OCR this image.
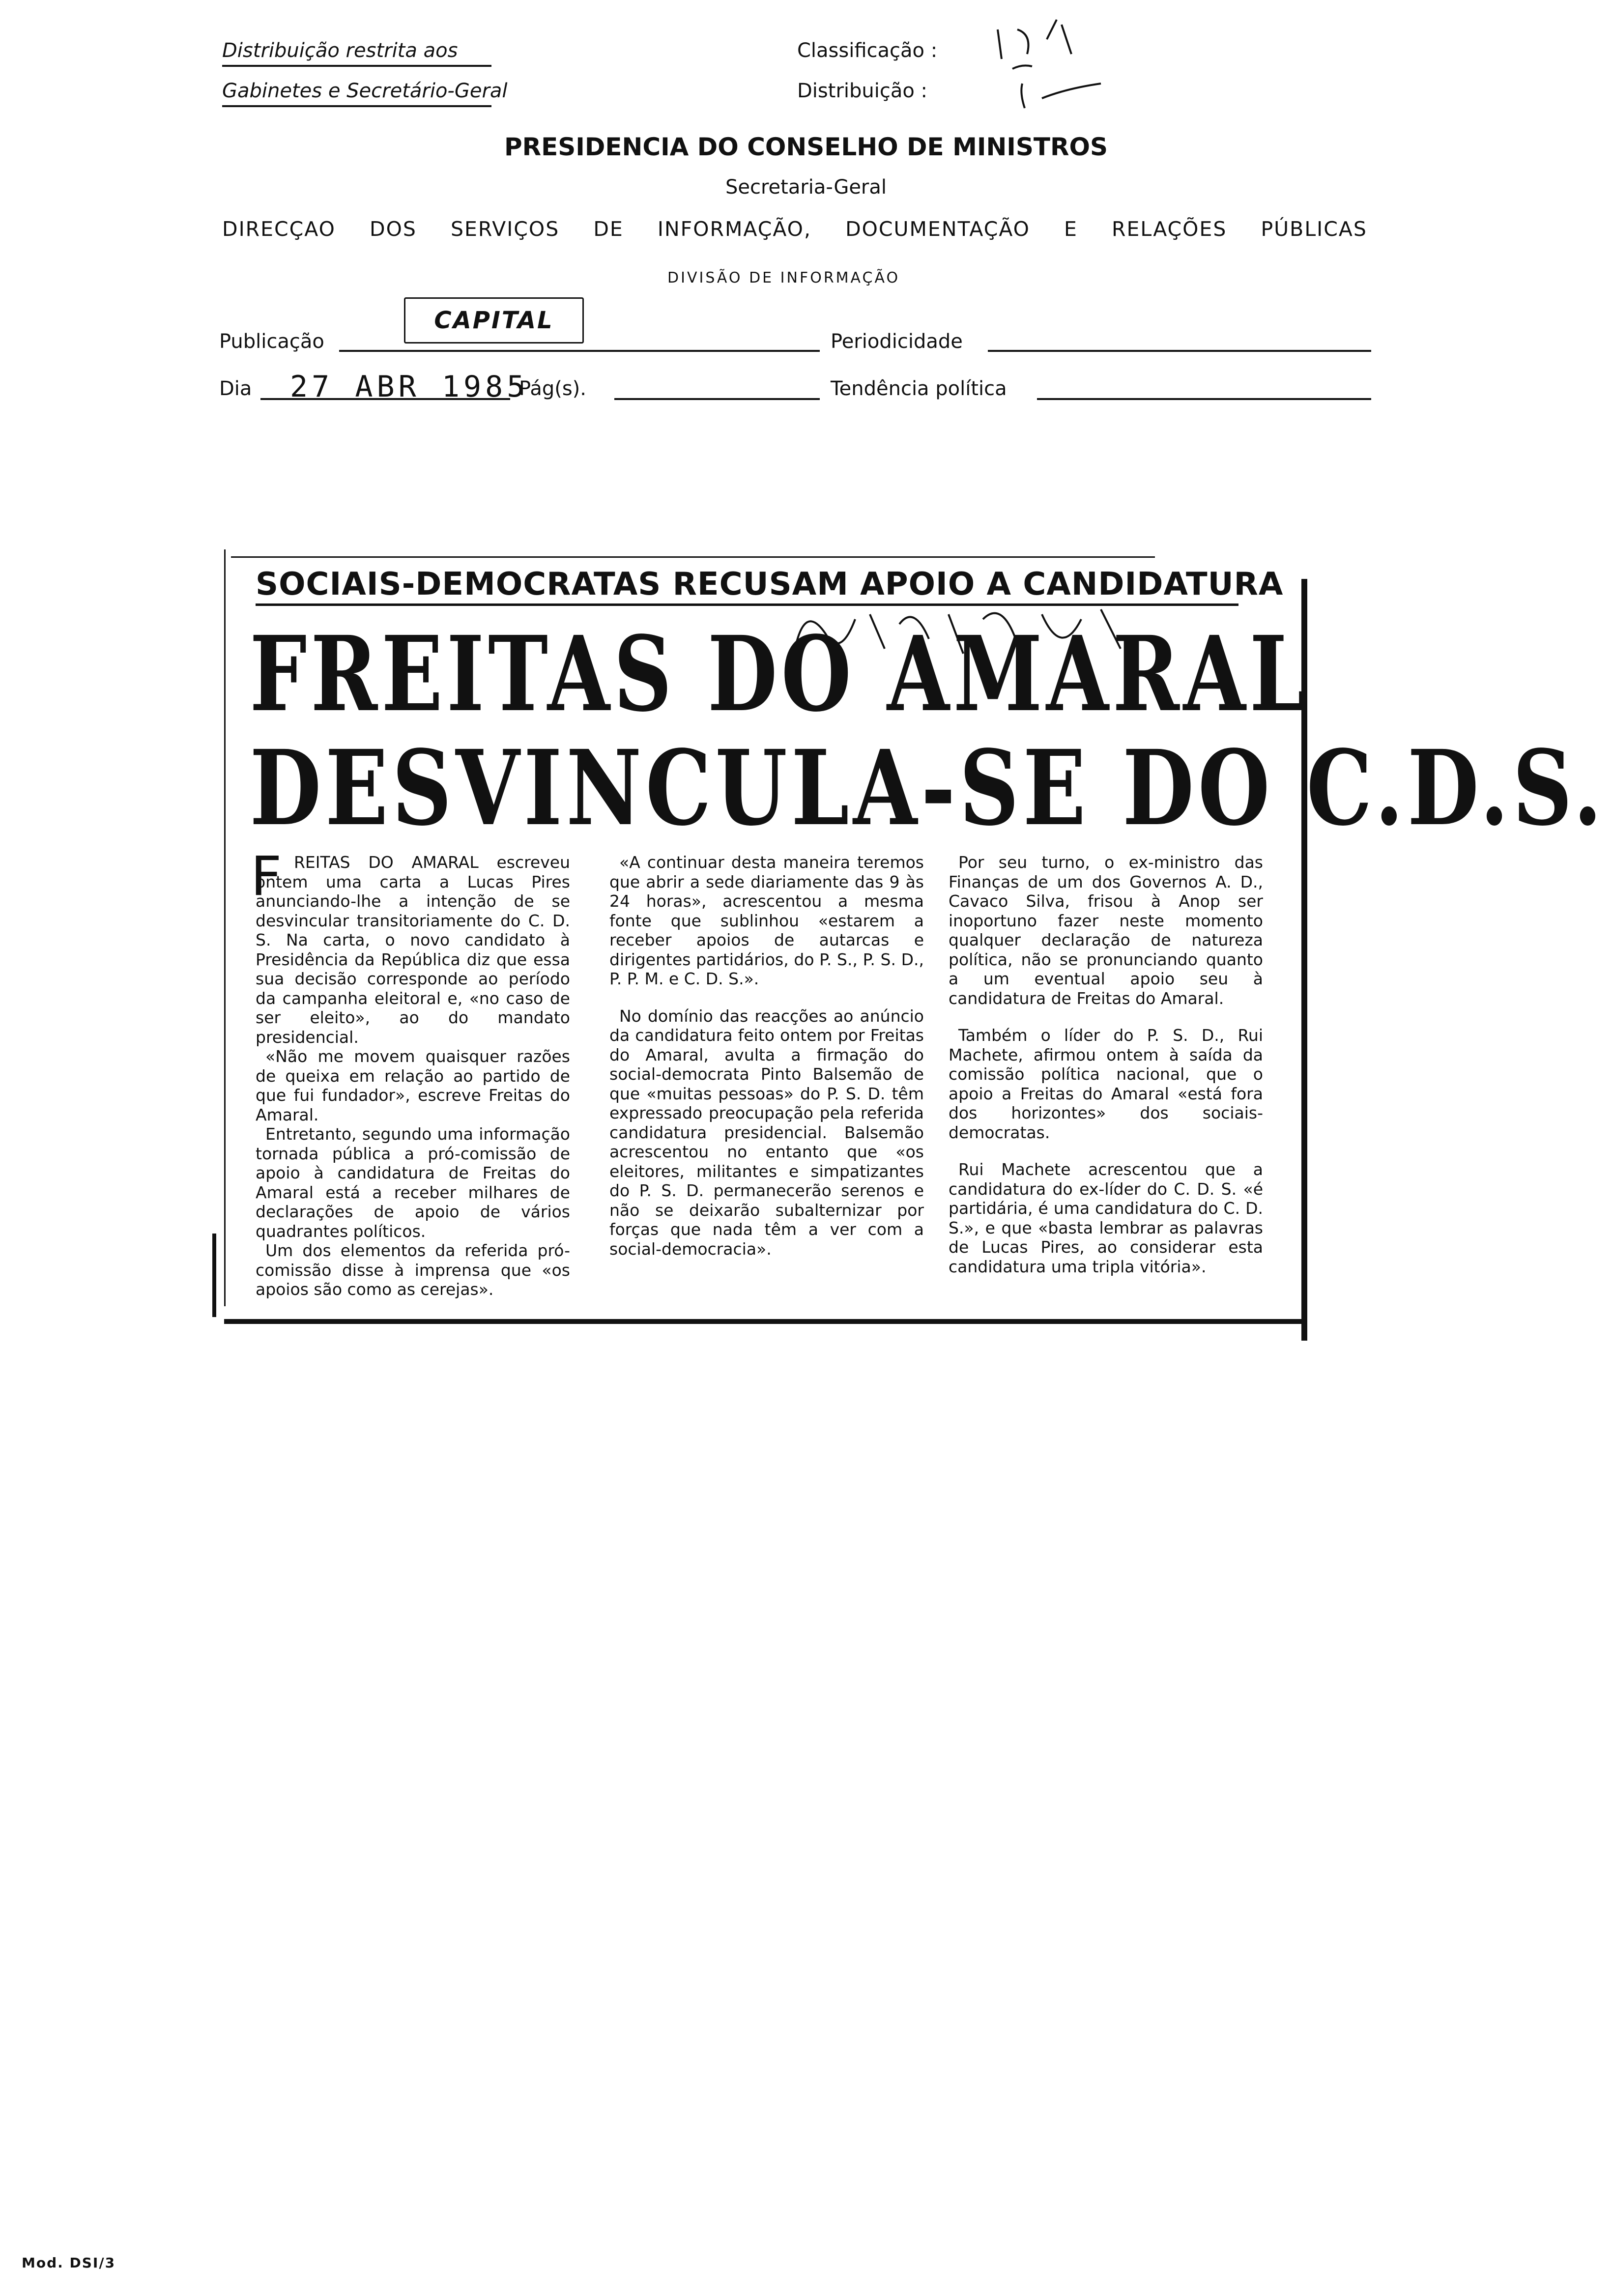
Distribuição restrita aos
Gabinetes e Secretário-Geral
Classificação :
Distribuição :
PRESIDENCIA DO CONSELHO DE MINISTROS
Secretaria-Geral
DIRECÇAO DOS SERVIÇOS DE INFORMAÇÃO, DOCUMENTAÇÃO E RELAÇÕES PÚBLICAS
DIVISÃO DE INFORMAÇÃO
Publicação
CAPITAL
Periodicidade
Dia 27 ABR 1985
Pág(s).	Tendência política
SOCIAIS-DEMOCRATAS RECUSAM APOIO A CANDIDATURA
FREITAS DO AMARAL
DESVINCULA-SE DO C.D.S.
F REITAS DO AMARAL escreveu ontem uma carta a Lucas Pires anunciando-lhe a intenção de se desvincular transitoriamente do C. D. S. Na carta, o novo candidato à Presidência da República diz que essa sua decisão corresponde ao período da campanha eleitoral e, «no caso de ser eleito», ao do mandato presidencial.

«Não me movem quaisquer razões de queixa em relação ao partido de que fui fundador», escreve Freitas do Amaral.

Entretanto, segundo uma informação tornada pública a pró-comissão de apoio à candidatura de Freitas do Amaral está a receber milhares de declarações de apoio de vários quadrantes políticos.

Um dos elementos da referida pró-comissão disse à imprensa que «os apoios são como as cerejas».

«A continuar desta maneira teremos que abrir a sede diariamente das 9 às 24 horas», acrescentou a mesma fonte que sublinhou «estarem a receber apoios de autarcas e dirigentes partidários, do P. S., P. S. D., P. P. M. e C. D. S.».

No domínio das reacções ao anúncio da candidatura feito ontem por Freitas do Amaral, avulta a firmação do social-democrata Pinto Balsemão de que «muitas pessoas» do P. S. D. têm expressado preocupação pela referida candidatura presidencial. Balsemão acrescentou no entanto que «os eleitores, militantes e simpatizantes do P. S. D. permanecerão serenos e não se deixarão subalternizar por forças que nada têm a ver com a social-democracia».

Por seu turno, o ex-ministro das Finanças de um dos Governos A. D., Cavaco Silva, frisou à Anop ser inoportuno fazer neste momento qualquer declaração de natureza política, não se pronunciando quanto a um eventual apoio seu à candidatura de Freitas do Amaral.

Também o líder do P. S. D., Rui Machete, afirmou ontem à saída da comissão política nacional, que o apoio a Freitas do Amaral «está fora dos horizontes» dos sociais-democratas.

Rui Machete acrescentou que a candidatura do ex-líder do C. D. S. «é partidária, é uma candidatura do C. D. S.», e que «basta lembrar as palavras de Lucas Pires, ao considerar esta candidatura uma tripla vitória».

Mod. DSI/3
